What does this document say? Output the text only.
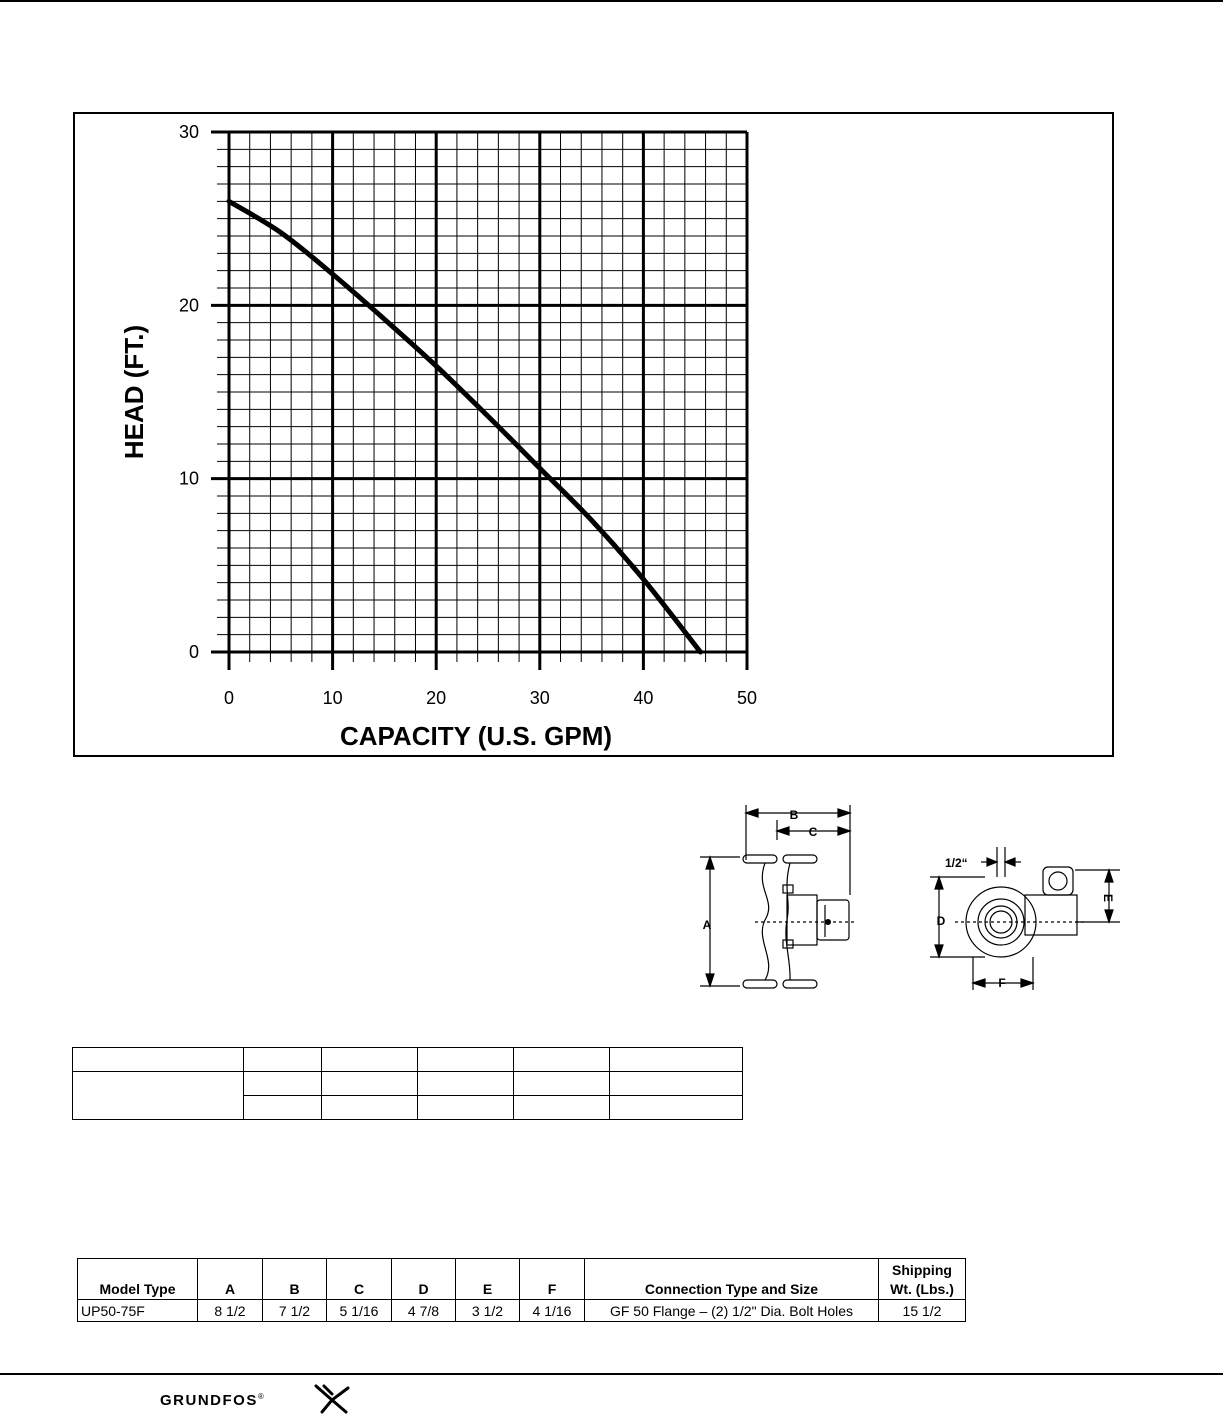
0	10	20	30	40	50
0
10
20
30
CAPACITY (U.S. GPM)
HEAD (FT.)
B
C
A
1/2“
D
E
F

Model Type	A	B	C	D	E	F	Connection Type and Size	Shipping
Wt. (Lbs.)
UP50-75F	8 1/2	7 1/2	5 1/16	4 7/8	3 1/2	4 1/16	GF 50 Flange – (2) 1/2" Dia. Bolt Holes	15 1/2
GRUNDFOS®
